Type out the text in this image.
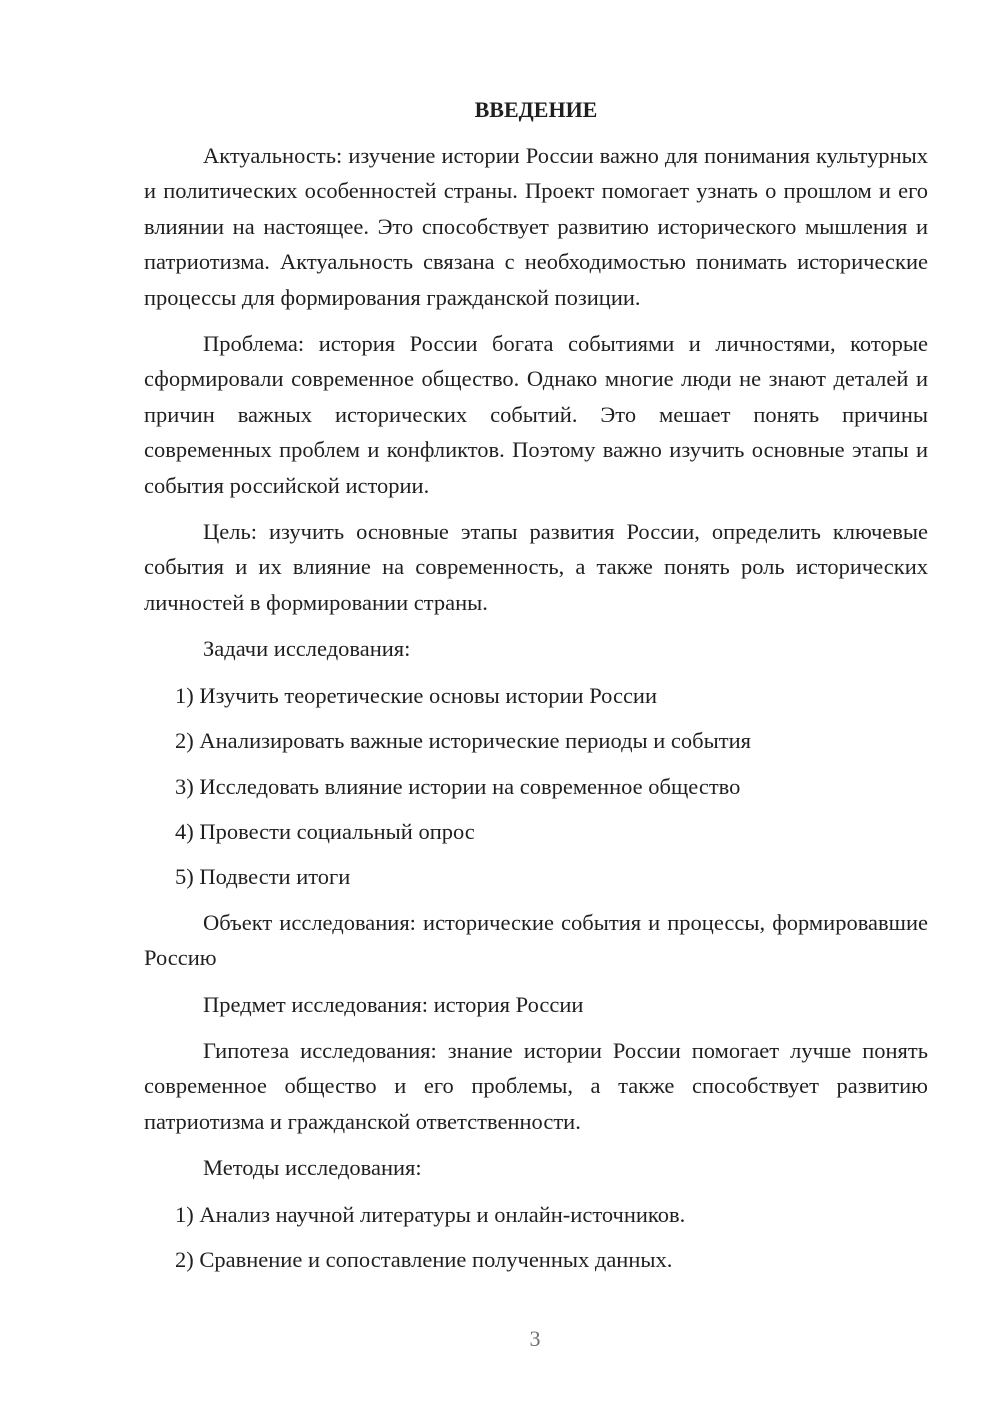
ВВЕДЕНИЕ

Актуальность: изучение истории России важно для понимания культурных и политических особенностей страны. Проект помогает узнать о прошлом и его влиянии на настоящее. Это способствует развитию исторического мышления и патриотизма. Актуальность связана с необходимостью понимать исторические процессы для формирования гражданской позиции.

Проблема: история России богата событиями и личностями, которые сформировали современное общество. Однако многие люди не знают деталей и причин важных исторических событий. Это мешает понять причины современных проблем и конфликтов. Поэтому важно изучить основные этапы и события российской истории.

Цель: изучить основные этапы развития России, определить ключевые события и их влияние на современность, а также понять роль исторических личностей в формировании страны.

Задачи исследования:

1) Изучить теоретические основы истории России
2) Анализировать важные исторические периоды и события
3) Исследовать влияние истории на современное общество
4) Провести социальный опрос
5) Подвести итоги

Объект исследования: исторические события и процессы, формировавшие Россию

Предмет исследования: история России

Гипотеза исследования: знание истории России помогает лучше понять современное общество и его проблемы, а также способствует развитию патриотизма и гражданской ответственности.

Методы исследования:

1) Анализ научной литературы и онлайн-источников.
2) Сравнение и сопоставление полученных данных.
3
